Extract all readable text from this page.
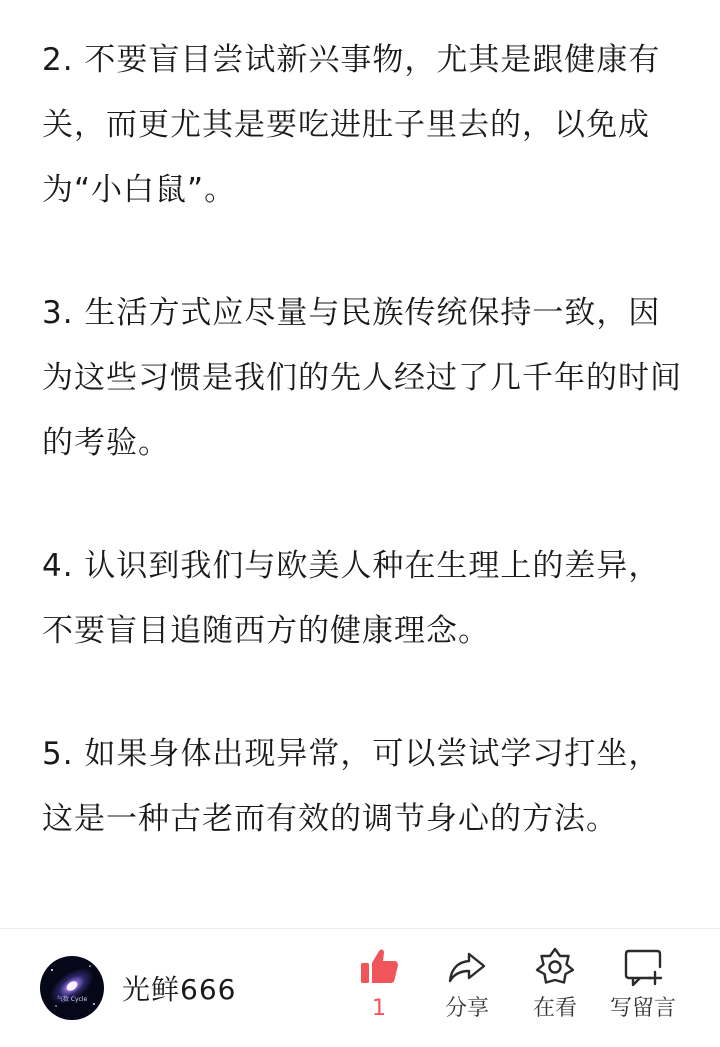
2. 不要盲目尝试新兴事物，尤其是跟健康有关，而更尤其是要吃进肚子里去的，以免成为“小白鼠”。

3. 生活方式应尽量与民族传统保持一致，因为这些习惯是我们的先人经过了几千年的时间的考验。

4. 认识到我们与欧美人种在生理上的差异，不要盲目追随西方的健康理念。

5. 如果身体出现异常，可以尝试学习打坐，这是一种古老而有效的调节身心的方法。

气数 Cycle 光鲜666
1	分享 在看 写留言
